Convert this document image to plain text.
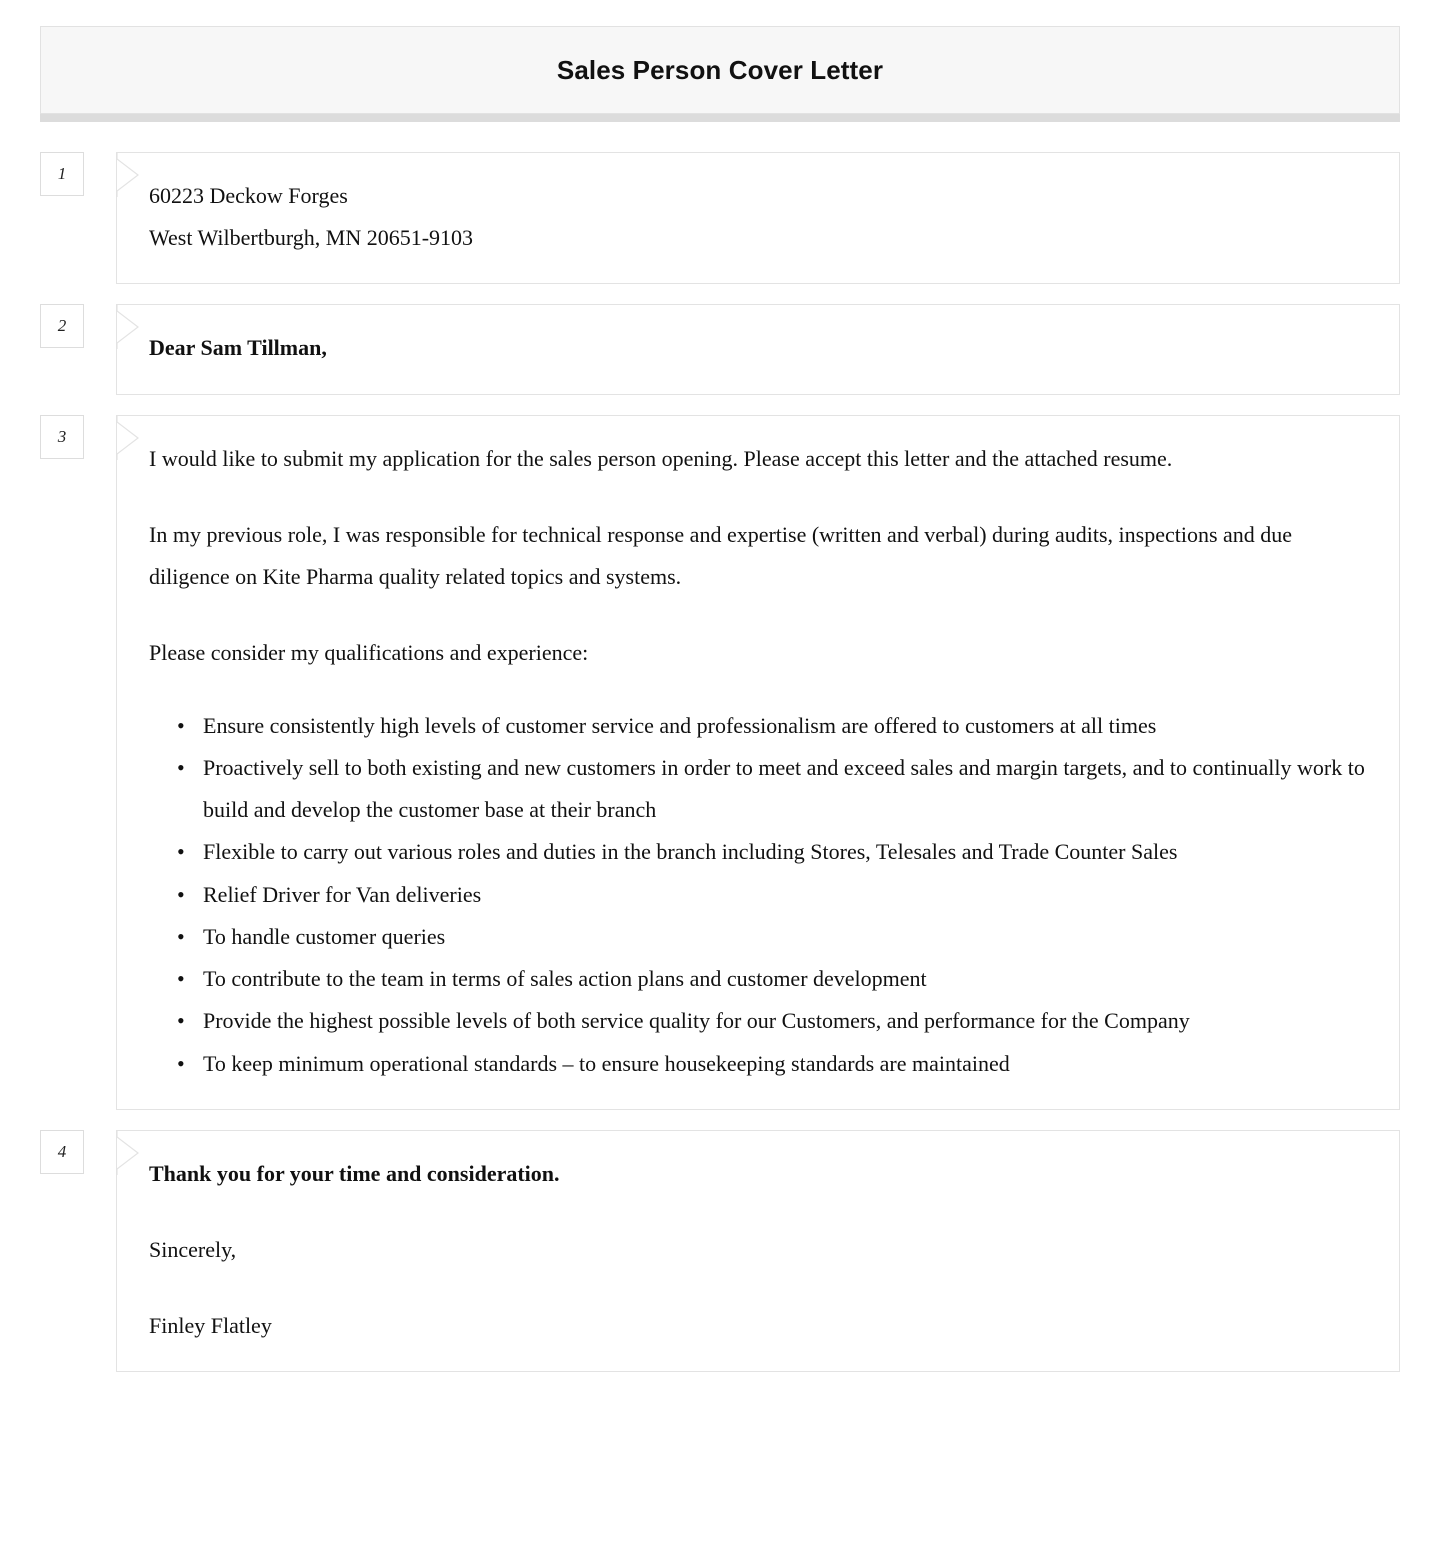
Sales Person Cover Letter
1
60223 Deckow Forges
West Wilbertburgh, MN 20651-9103
2
Dear Sam Tillman,
3

I would like to submit my application for the sales person opening. Please accept this letter and the attached resume.

In my previous role, I was responsible for technical response and expertise (written and verbal) during audits, inspections and due diligence on Kite Pharma quality related topics and systems.

Please consider my qualifications and experience:

• Ensure consistently high levels of customer service and professionalism are offered to customers at all times
• Proactively sell to both existing and new customers in order to meet and exceed sales and margin targets, and to continually work to build and develop the customer base at their branch
• Flexible to carry out various roles and duties in the branch including Stores, Telesales and Trade Counter Sales
• Relief Driver for Van deliveries
• To handle customer queries
• To contribute to the team in terms of sales action plans and customer development
• Provide the highest possible levels of both service quality for our Customers, and performance for the Company
• To keep minimum operational standards – to ensure housekeeping standards are maintained
4

Thank you for your time and consideration.

Sincerely,

Finley Flatley
